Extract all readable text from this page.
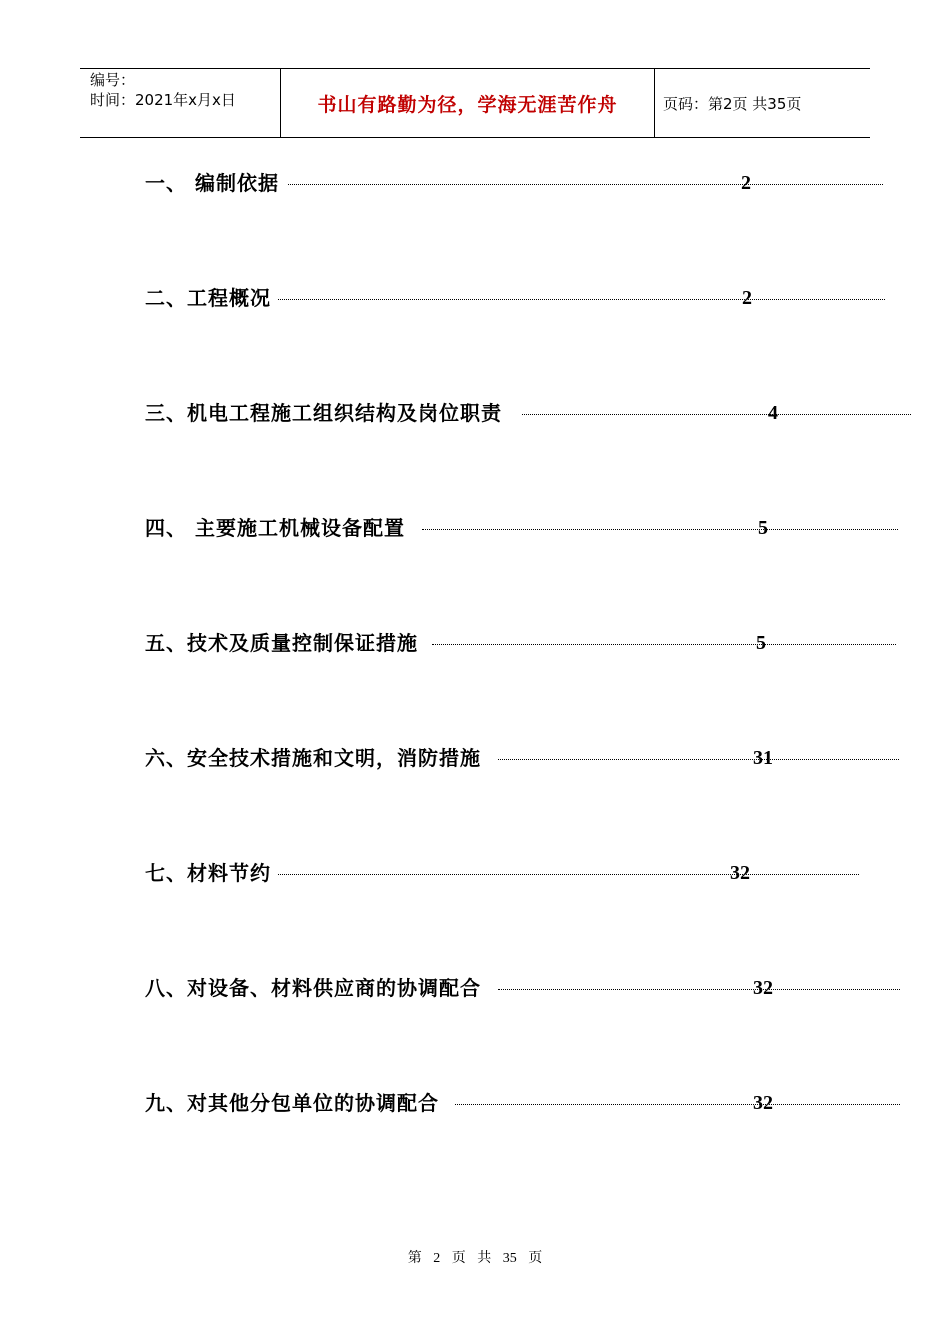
编号：
时间：2021年x月x日	书山有路勤为径，学海无涯苦作舟	页码：第2页 共35页
一、 编制依据	2
二、工程概况	2
三、机电工程施工组织结构及岗位职责	4
四、 主要施工机械设备配置	5
五、技术及质量控制保证措施	5
六、安全技术措施和文明，消防措施	31
七、材料节约	32
八、对设备、材料供应商的协调配合	32
九、对其他分包单位的协调配合	32
第 2 页 共 35 页
